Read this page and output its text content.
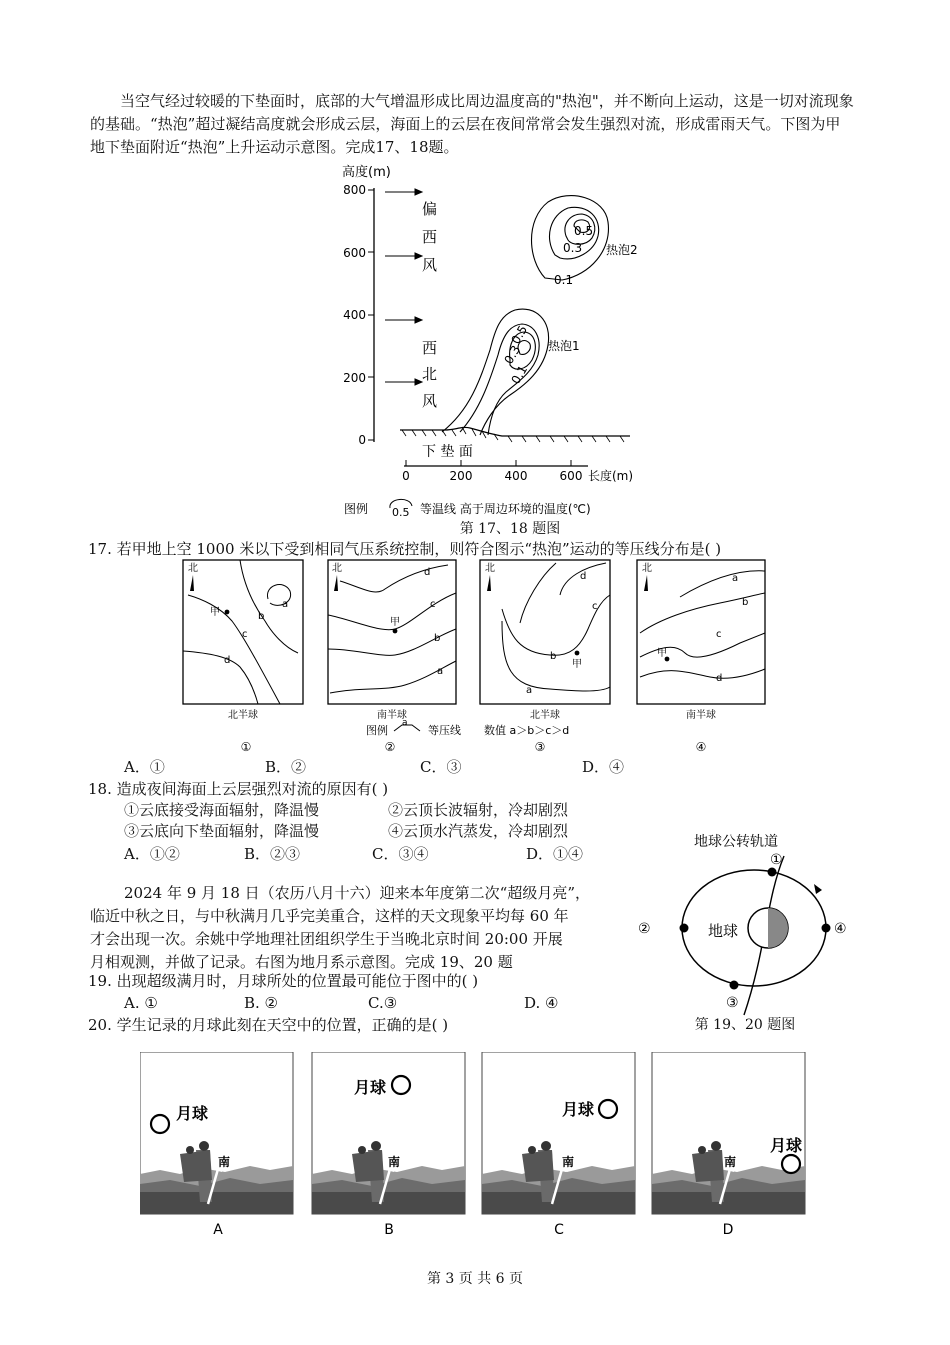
当空气经过较暖的下垫面时，底部的大气增温形成比周边温度高的"热泡"，并不断向上运动，这是一切对流现象的基础。“热泡”超过凝结高度就会形成云层，海面上的云层在夜间常常会发生强烈对流，形成雷雨天气。下图为甲地下垫面附近“热泡”上升运动示意图。完成17、18题。
高度(m)
800
600
400
200
0
偏
西
风
西
北
风
0.5
0.3
0.1
热泡2
0.5
0.3
0.1
热泡1
下 垫 面
0	200	400	600 长度(m)
图例 0.5 等温线 高于周边环境的温度(℃)
第 17、18 题图
17. 若甲地上空 1000 米以下受到相同气压系统控制，则符合图示“热泡”运动的等压线分布是( )
北
甲
a
b
c
d
北
甲
d
c
b
a
北
甲
d
c
b
a
北
甲
a
b
c
d
北半球	南半球	北半球	南半球
①	②	③	④
图例
a
等压线 数值 a＞b＞c＞d
A．①	B．②	C．③	D．④
18. 造成夜间海面上云层强烈对流的原因有( )
①云底接受海面辐射，降温慢	②云顶长波辐射，冷却剧烈
③云底向下垫面辐射，降温慢	④云顶水汽蒸发，冷却剧烈
A．①②	B．②③	C．③④	D．①④
2024 年 9 月 18 日（农历八月十六）迎来本年度第二次“超级月亮”，
临近中秋之日，与中秋满月几乎完美重合，这样的天文现象平均每 60 年
才会出现一次。余姚中学地理社团组织学生于当晚北京时间 20:00 开展
月相观测，并做了记录。右图为地月系示意图。完成 19、20 题
地球公转轨道
地球
①
②
③
④
第 19、20 题图
19. 出现超级满月时，月球所处的位置最可能位于图中的( )
A. ①	B. ②	C.③	D. ④
20. 学生记录的月球此刻在天空中的位置，正确的是( )
月球
南
月球
南
月球
南
月球
南
A	B	C	D
第 3 页 共 6 页
